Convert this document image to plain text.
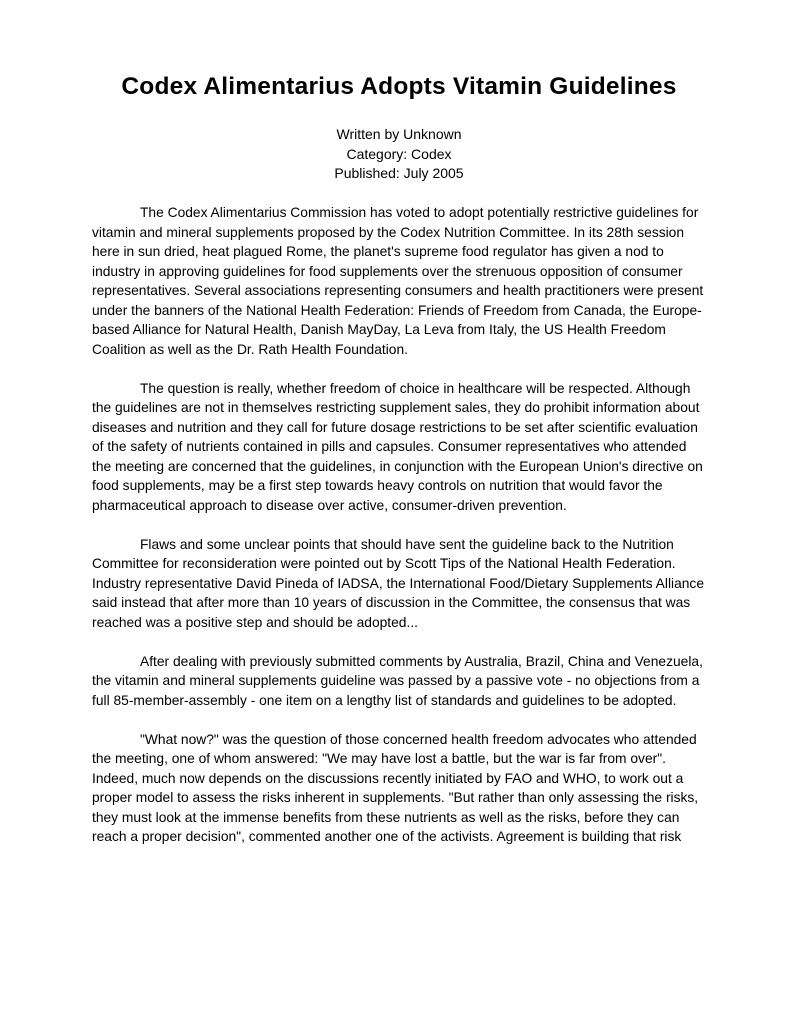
Codex Alimentarius Adopts Vitamin Guidelines
Written by Unknown
Category: Codex
Published: July 2005

The Codex Alimentarius Commission has voted to adopt potentially restrictive guidelines for vitamin and mineral supplements proposed by the Codex Nutrition Committee. In its 28th session here in sun dried, heat plagued Rome, the planet's supreme food regulator has given a nod to industry in approving guidelines for food supplements over the strenuous opposition of consumer representatives. Several associations representing consumers and health practitioners were present under the banners of the National Health Federation: Friends of Freedom from Canada, the Europe-based Alliance for Natural Health, Danish MayDay, La Leva from Italy, the US Health Freedom Coalition as well as the Dr. Rath Health Foundation.

The question is really, whether freedom of choice in healthcare will be respected. Although the guidelines are not in themselves restricting supplement sales, they do prohibit information about diseases and nutrition and they call for future dosage restrictions to be set after scientific evaluation of the safety of nutrients contained in pills and capsules. Consumer representatives who attended the meeting are concerned that the guidelines, in conjunction with the European Union's directive on food supplements, may be a first step towards heavy controls on nutrition that would favor the pharmaceutical approach to disease over active, consumer-driven prevention.

Flaws and some unclear points that should have sent the guideline back to the Nutrition Committee for reconsideration were pointed out by Scott Tips of the National Health Federation.

Industry representative David Pineda of IADSA, the International Food/Dietary Supplements Alliance said instead that after more than 10 years of discussion in the Committee, the consensus that was reached was a positive step and should be adopted...

After dealing with previously submitted comments by Australia, Brazil, China and Venezuela, the vitamin and mineral supplements guideline was passed by a passive vote - no objections from a full 85-member-assembly - one item on a lengthy list of standards and guidelines to be adopted.

"What now?" was the question of those concerned health freedom advocates who attended the meeting, one of whom answered: "We may have lost a battle, but the war is far from over". Indeed, much now depends on the discussions recently initiated by FAO and WHO, to work out a proper model to assess the risks inherent in supplements. "But rather than only assessing the risks, they must look at the immense benefits from these nutrients as well as the risks, before they can reach a proper decision", commented another one of the activists. Agreement is building that risk
